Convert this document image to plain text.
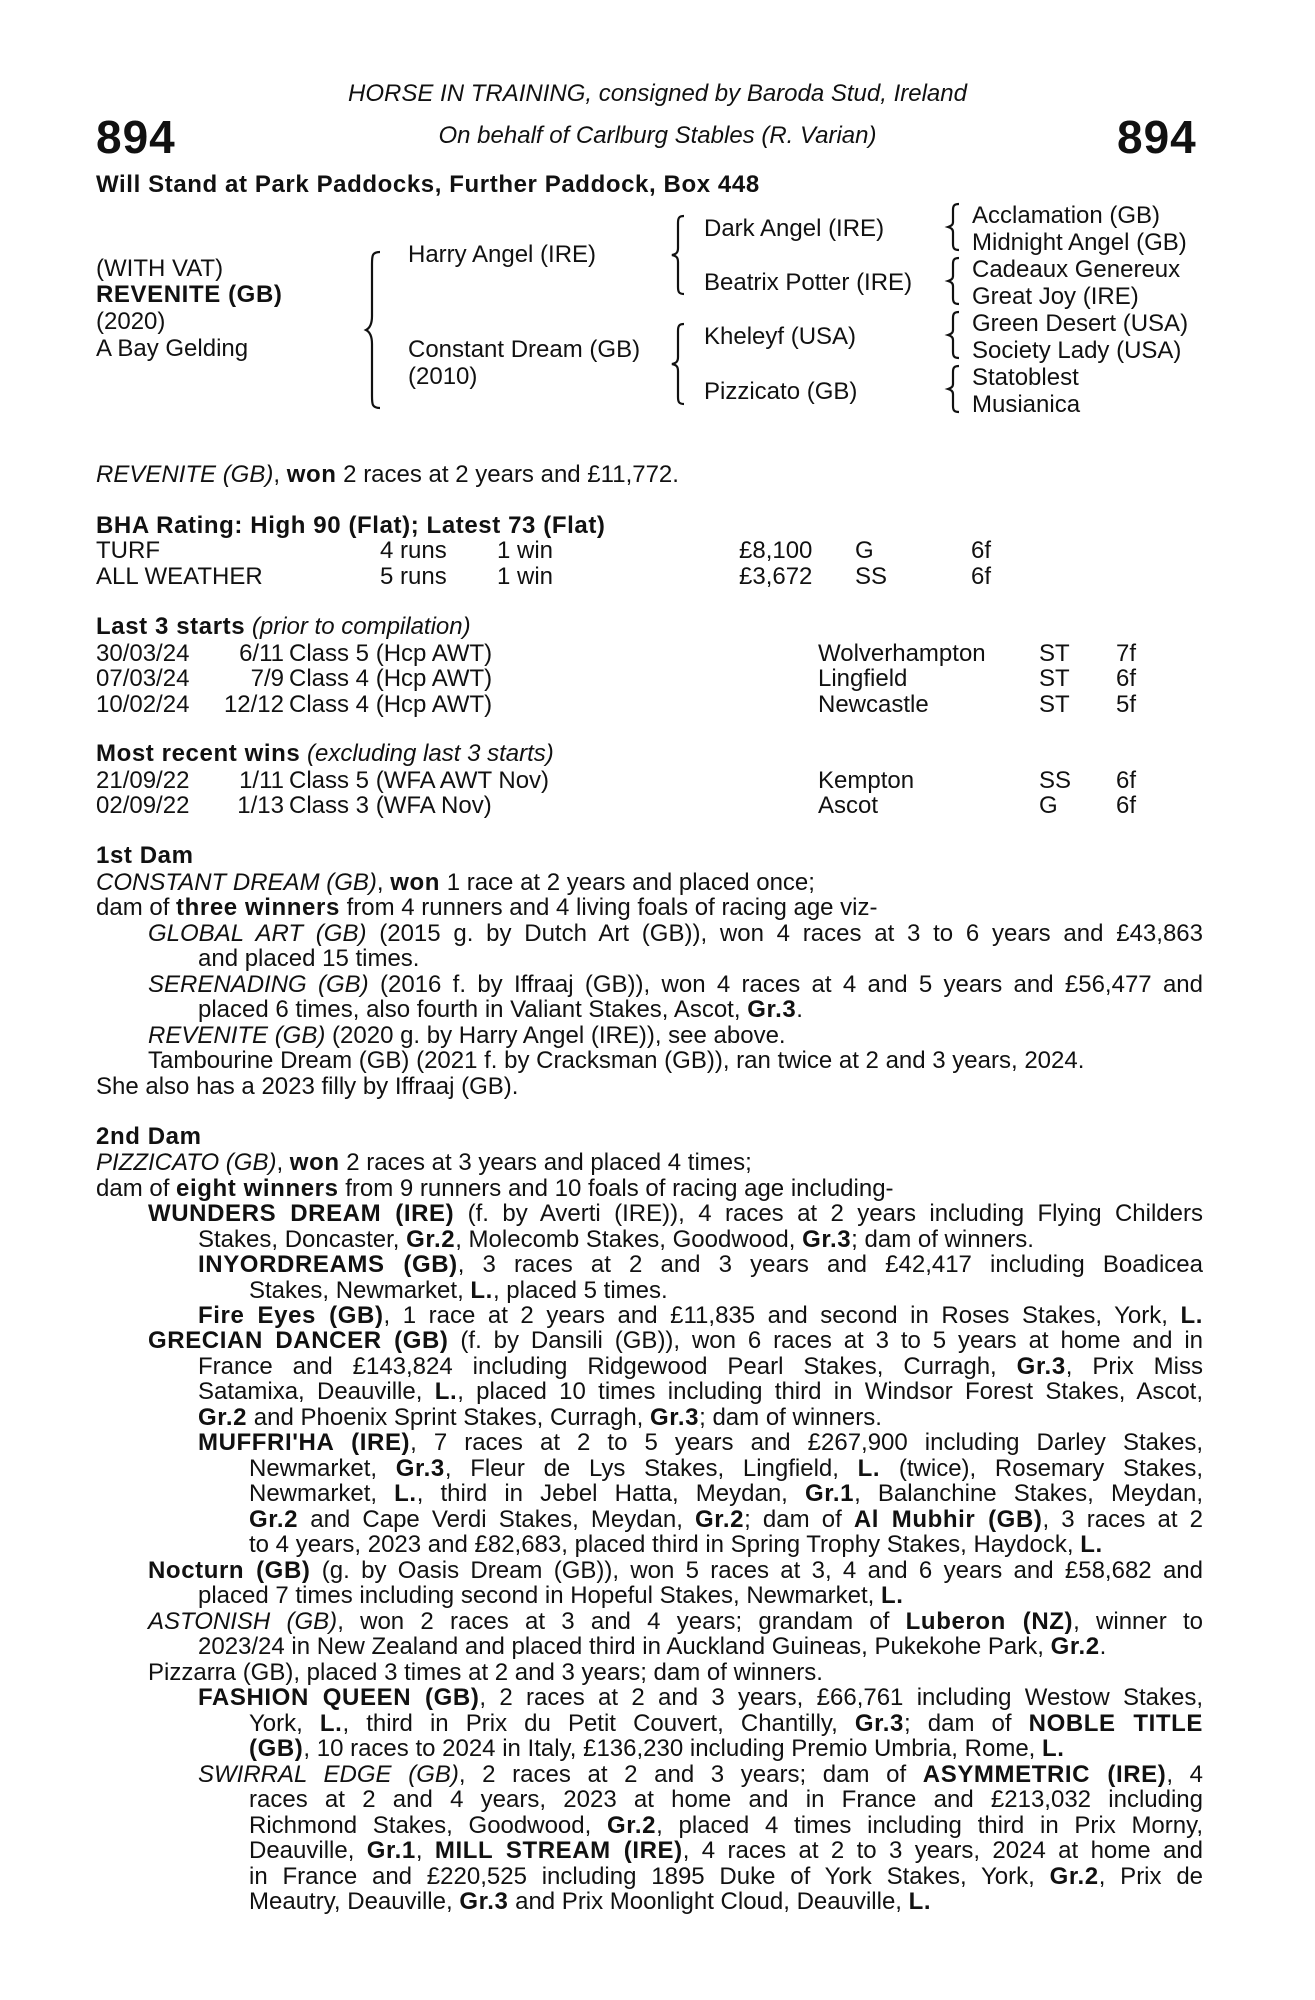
894	894
HORSE IN TRAINING, consigned by Baroda Stud, Ireland
On behalf of Carlburg Stables (R. Varian)
Will Stand at Park Paddocks, Further Paddock, Box 448
(WITH VAT)
REVENITE (GB)
(2020)
A Bay Gelding
Harry Angel (IRE)
Constant Dream (GB)
(2010)
Dark Angel (IRE)
Beatrix Potter (IRE)
Kheleyf (USA)
Pizzicato (GB)
Acclamation (GB)
Midnight Angel (GB)
Cadeaux Genereux
Great Joy (IRE)
Green Desert (USA)
Society Lady (USA)
Statoblest
Musianica
REVENITE (GB), won 2 races at 2 years and £11,772.
BHA Rating: High 90 (Flat); Latest 73 (Flat)
TURF	4 runs 1 win	£8,100 G	6f
ALL WEATHER	5 runs 1 win	£3,672 SS	6f
Last 3 starts (prior to compilation)
30/03/24	6/11 Class 5 (Hcp AWT)	Wolverhampton ST 7f
07/03/24	7/9 Class 4 (Hcp AWT)	Lingfield	ST 6f
10/02/24 12/12 Class 4 (Hcp AWT)	Newcastle	ST 5f
Most recent wins (excluding last 3 starts)
21/09/22	1/11 Class 5 (WFA AWT Nov)	Kempton	SS 6f
02/09/22	1/13 Class 3 (WFA Nov)	Ascot	G 6f
1st Dam
CONSTANT DREAM (GB), won 1 race at 2 years and placed once;
dam of three winners from 4 runners and 4 living foals of racing age viz-
GLOBAL ART (GB) (2015 g. by Dutch Art (GB)), won 4 races at 3 to 6 years and £43,863
and placed 15 times.
SERENADING (GB) (2016 f. by Iffraaj (GB)), won 4 races at 4 and 5 years and £56,477 and
placed 6 times, also fourth in Valiant Stakes, Ascot, Gr.3.
REVENITE (GB) (2020 g. by Harry Angel (IRE)), see above.
Tambourine Dream (GB) (2021 f. by Cracksman (GB)), ran twice at 2 and 3 years, 2024.
She also has a 2023 filly by Iffraaj (GB).
2nd Dam
PIZZICATO (GB), won 2 races at 3 years and placed 4 times;
dam of eight winners from 9 runners and 10 foals of racing age including-
WUNDERS DREAM (IRE) (f. by Averti (IRE)), 4 races at 2 years including Flying Childers
Stakes, Doncaster, Gr.2, Molecomb Stakes, Goodwood, Gr.3; dam of winners.
INYORDREAMS (GB), 3 races at 2 and 3 years and £42,417 including Boadicea
Stakes, Newmarket, L., placed 5 times.
Fire Eyes (GB), 1 race at 2 years and £11,835 and second in Roses Stakes, York, L.
GRECIAN DANCER (GB) (f. by Dansili (GB)), won 6 races at 3 to 5 years at home and in
France and £143,824 including Ridgewood Pearl Stakes, Curragh, Gr.3, Prix Miss
Satamixa, Deauville, L., placed 10 times including third in Windsor Forest Stakes, Ascot,
Gr.2 and Phoenix Sprint Stakes, Curragh, Gr.3; dam of winners.
MUFFRI'HA (IRE), 7 races at 2 to 5 years and £267,900 including Darley Stakes,
Newmarket, Gr.3, Fleur de Lys Stakes, Lingfield, L. (twice), Rosemary Stakes,
Newmarket, L., third in Jebel Hatta, Meydan, Gr.1, Balanchine Stakes, Meydan,
Gr.2 and Cape Verdi Stakes, Meydan, Gr.2; dam of Al Mubhir (GB), 3 races at 2
to 4 years, 2023 and £82,683, placed third in Spring Trophy Stakes, Haydock, L.
Nocturn (GB) (g. by Oasis Dream (GB)), won 5 races at 3, 4 and 6 years and £58,682 and
placed 7 times including second in Hopeful Stakes, Newmarket, L.
ASTONISH (GB), won 2 races at 3 and 4 years; grandam of Luberon (NZ), winner to
2023/24 in New Zealand and placed third in Auckland Guineas, Pukekohe Park, Gr.2.
Pizzarra (GB), placed 3 times at 2 and 3 years; dam of winners.
FASHION QUEEN (GB), 2 races at 2 and 3 years, £66,761 including Westow Stakes,
York, L., third in Prix du Petit Couvert, Chantilly, Gr.3; dam of NOBLE TITLE
(GB), 10 races to 2024 in Italy, £136,230 including Premio Umbria, Rome, L.
SWIRRAL EDGE (GB), 2 races at 2 and 3 years; dam of ASYMMETRIC (IRE), 4
races at 2 and 4 years, 2023 at home and in France and £213,032 including
Richmond Stakes, Goodwood, Gr.2, placed 4 times including third in Prix Morny,
Deauville, Gr.1, MILL STREAM (IRE), 4 races at 2 to 3 years, 2024 at home and
in France and £220,525 including 1895 Duke of York Stakes, York, Gr.2, Prix de
Meautry, Deauville, Gr.3 and Prix Moonlight Cloud, Deauville, L.
